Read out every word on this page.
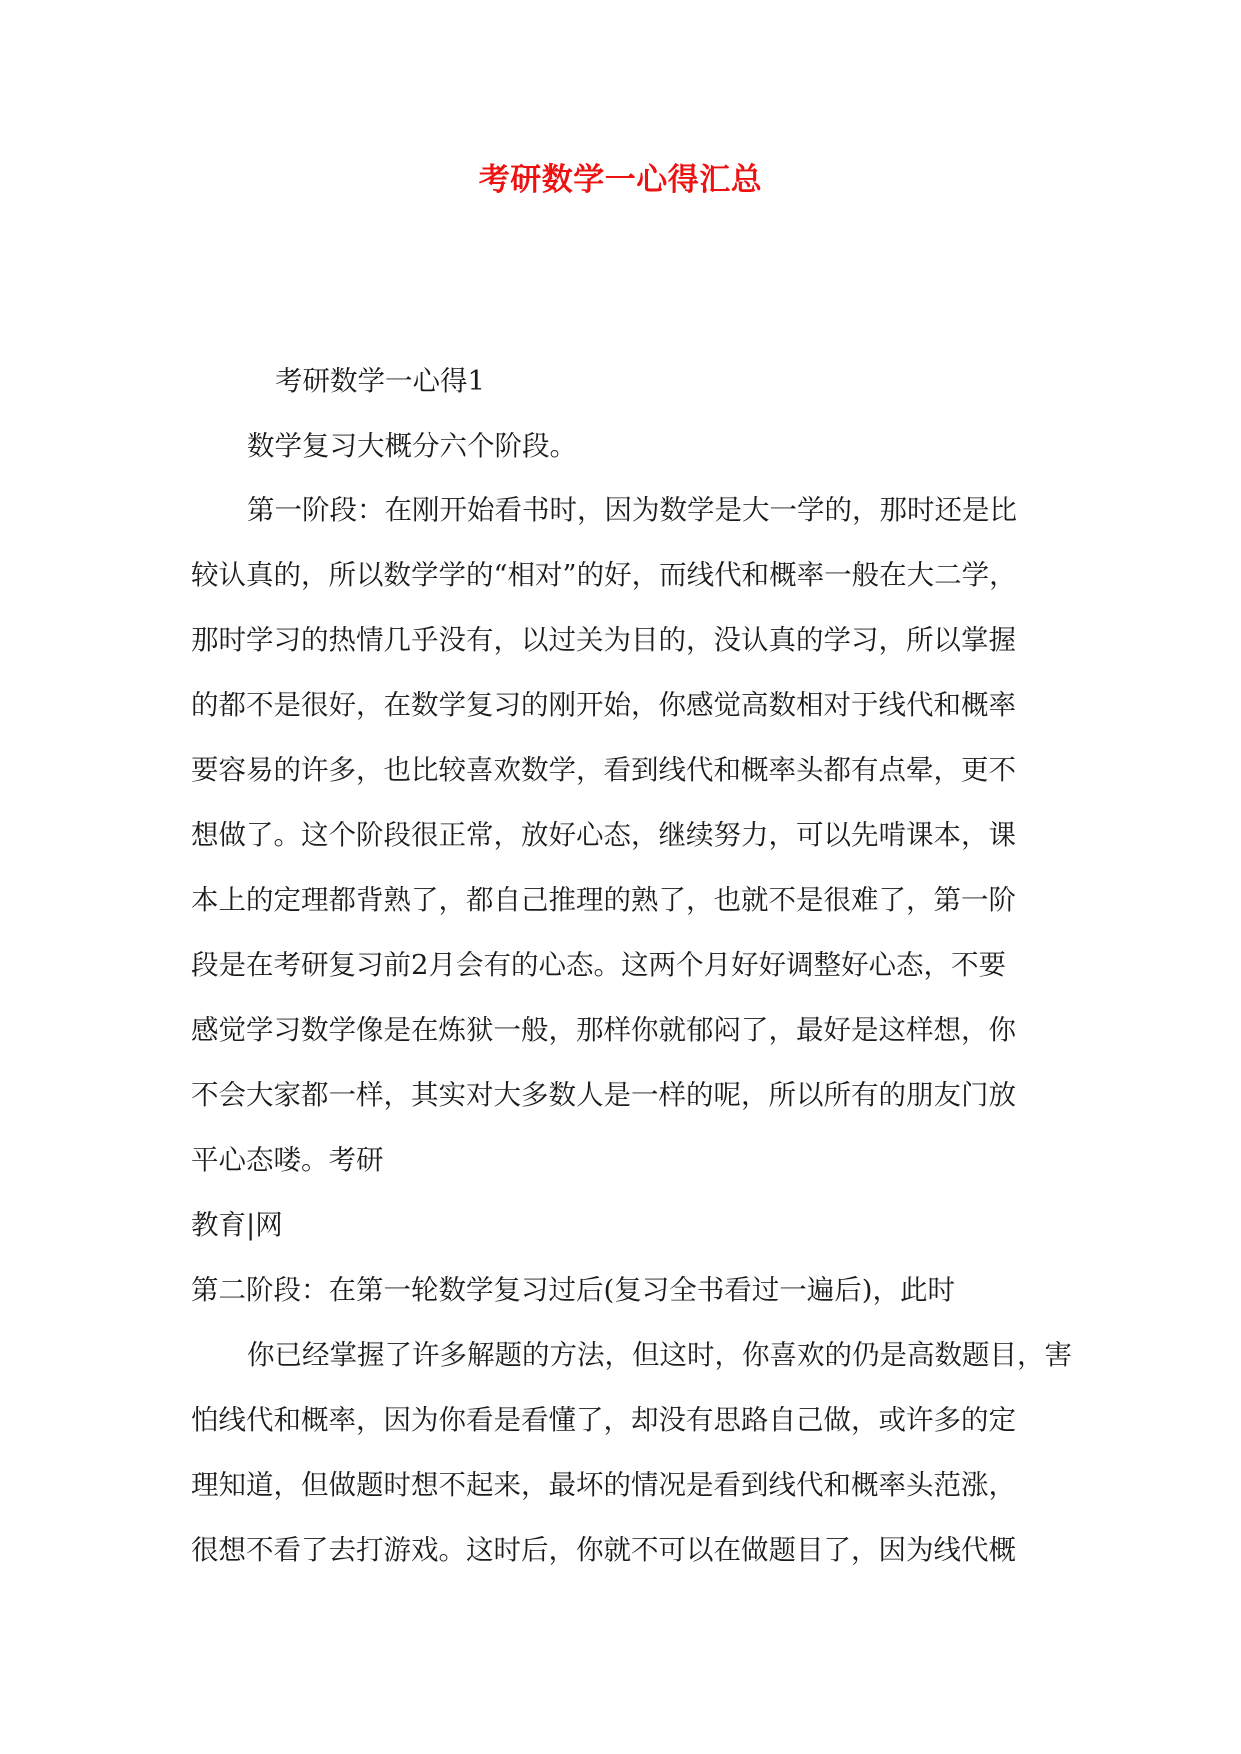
考研数学一心得汇总
考研数学一心得1
数学复习大概分六个阶段。
第一阶段：在刚开始看书时，因为数学是大一学的，那时还是比
较认真的，所以数学学的“相对”的好，而线代和概率一般在大二学，
那时学习的热情几乎没有，以过关为目的，没认真的学习，所以掌握
的都不是很好，在数学复习的刚开始，你感觉高数相对于线代和概率
要容易的许多，也比较喜欢数学，看到线代和概率头都有点晕，更不
想做了。这个阶段很正常，放好心态，继续努力，可以先啃课本，课
本上的定理都背熟了，都自己推理的熟了，也就不是很难了，第一阶
段是在考研复习前2月会有的心态。这两个月好好调整好心态，不要
感觉学习数学像是在炼狱一般，那样你就郁闷了，最好是这样想，你
不会大家都一样，其实对大多数人是一样的呢，所以所有的朋友门放
平心态喽。考研
教育|网
第二阶段：在第一轮数学复习过后(复习全书看过一遍后)，此时
你已经掌握了许多解题的方法，但这时，你喜欢的仍是高数题目，害
怕线代和概率，因为你看是看懂了，却没有思路自己做，或许多的定
理知道，但做题时想不起来，最坏的情况是看到线代和概率头范涨，
很想不看了去打游戏。这时后，你就不可以在做题目了，因为线代概
